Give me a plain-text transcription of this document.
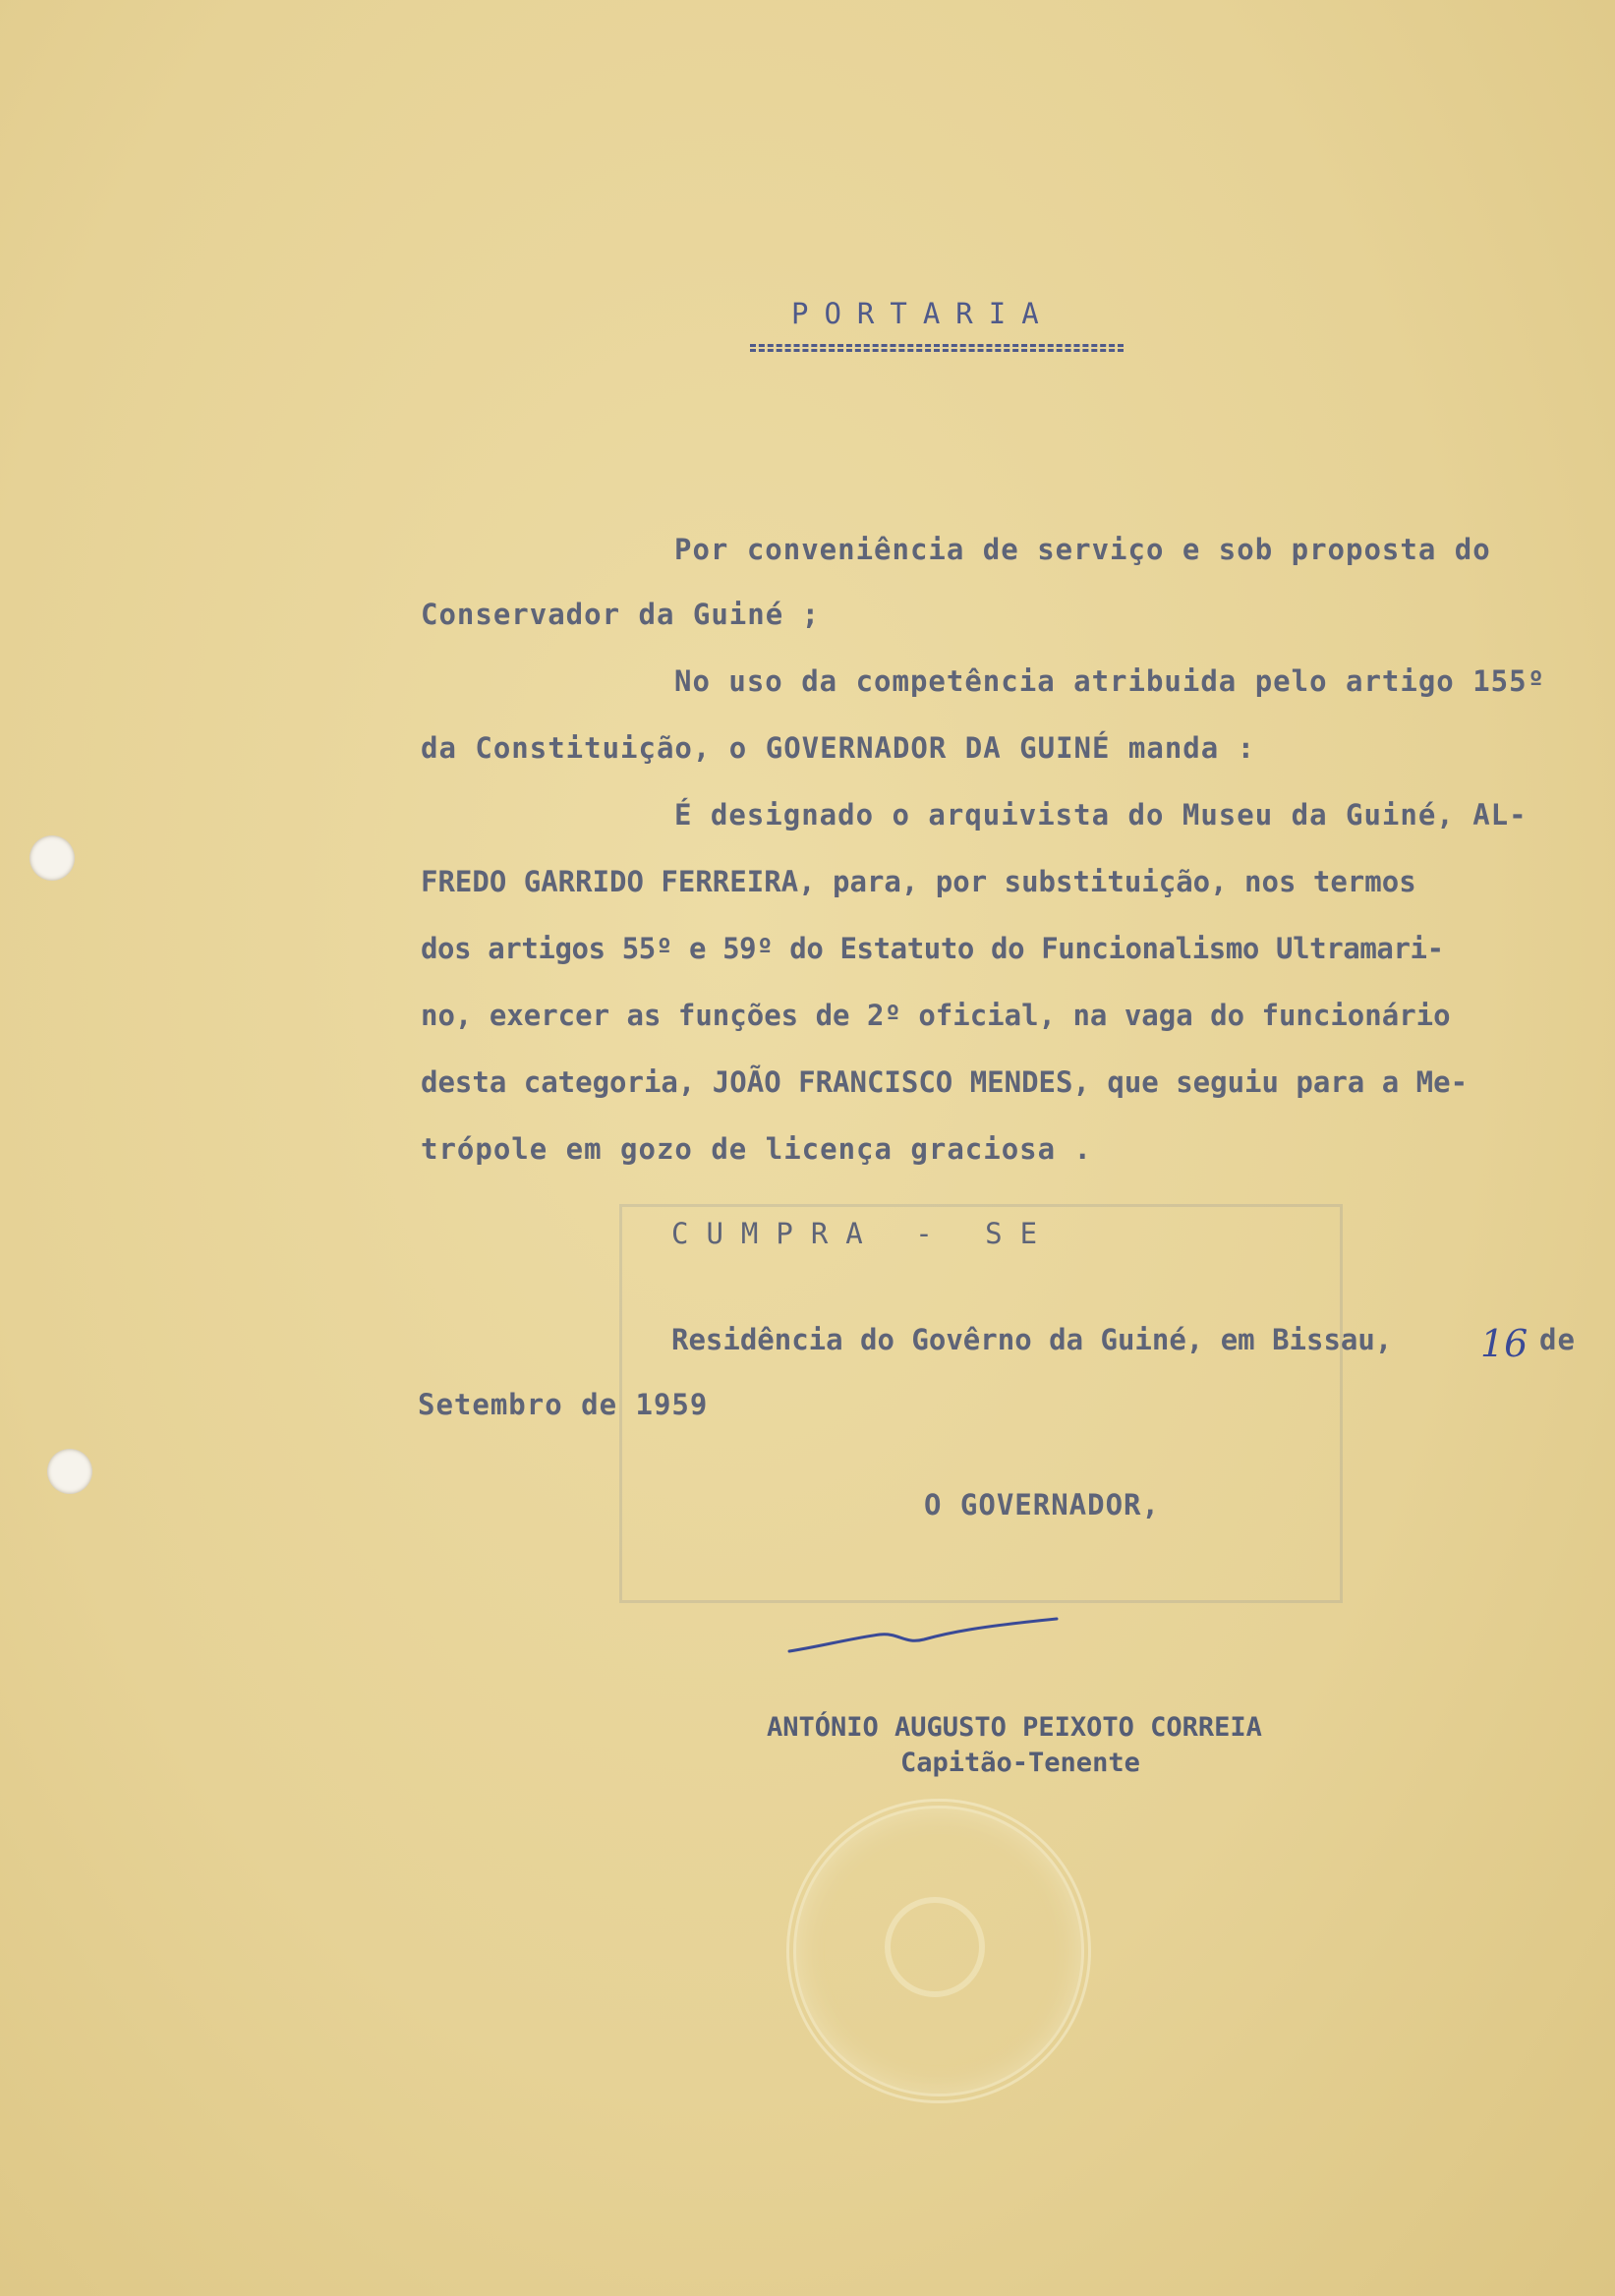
PORTARIA
Por conveniência de serviço e sob proposta do
Conservador da Guiné ;
No uso da competência atribuida pelo artigo 155º
da Constituição, o GOVERNADOR DA GUINÉ manda :
É designado o arquivista do Museu da Guiné, AL-
FREDO GARRIDO FERREIRA, para, por substituição, nos termos
dos artigos 55º e 59º do Estatuto do Funcionalismo Ultramari-
no, exercer as funções de 2º oficial, na vaga do funcionário
desta categoria, JOÃO FRANCISCO MENDES, que seguiu para a Me-
trópole em gozo de licença graciosa .
CUMPRA - SE
Residência do Govêrno da Guiné, em Bissau, 16 de
Setembro de 1959
O GOVERNADOR,
ANTÓNIO AUGUSTO PEIXOTO CORREIA
Capitão-Tenente
